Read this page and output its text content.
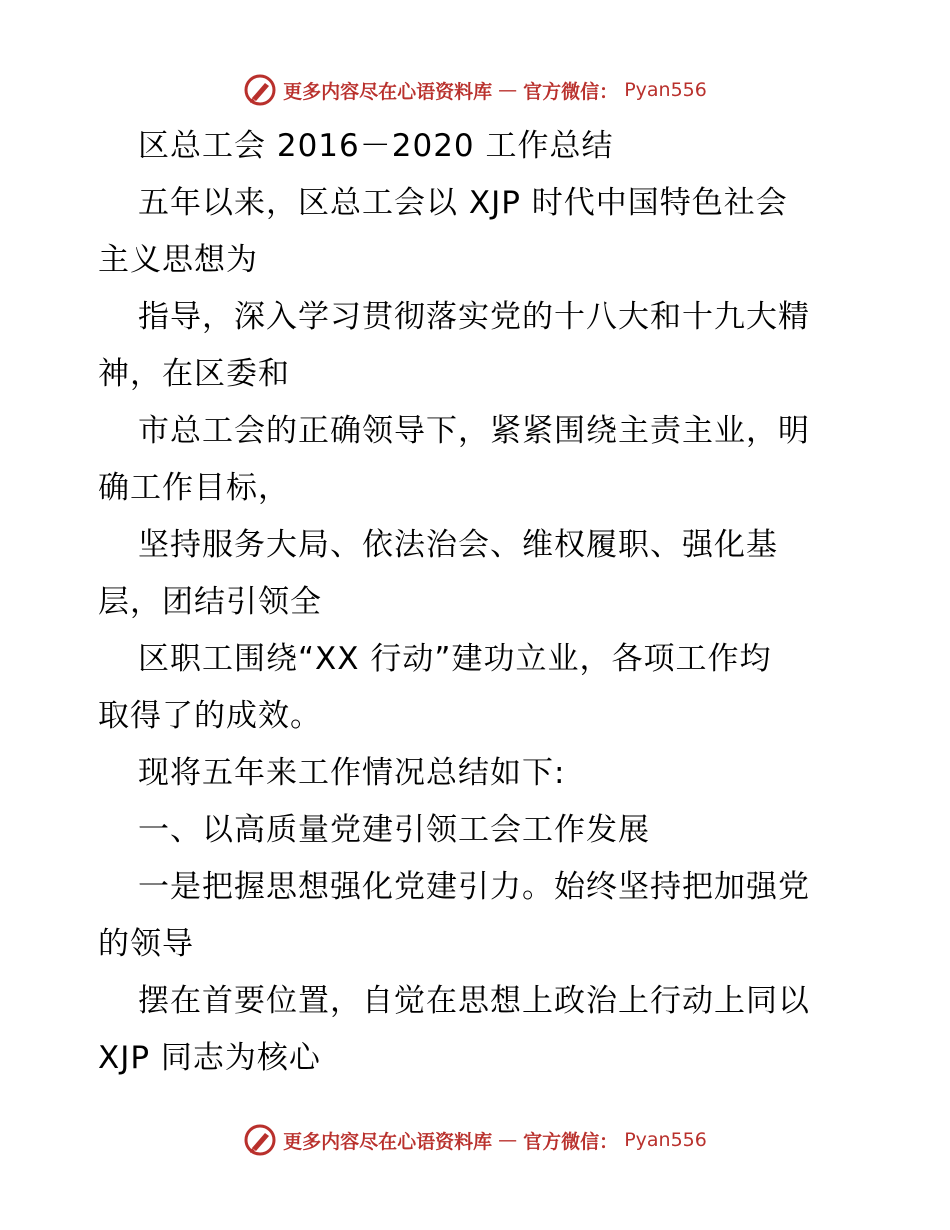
更多内容尽在心语资料库 — 官方微信： Pyan556
区总工会 2016－2020 工作总结
五年以来，区总工会以 XJP 时代中国特色社会
主义思想为
指导，深入学习贯彻落实党的十八大和十九大精
神，在区委和
市总工会的正确领导下，紧紧围绕主责主业，明
确工作目标，
坚持服务大局、依法治会、维权履职、强化基
层，团结引领全
区职工围绕“XX 行动”建功立业，各项工作均
取得了的成效。
现将五年来工作情况总结如下:
一、以高质量党建引领工会工作发展
一是把握思想强化党建引力。始终坚持把加强党
的领导
摆在首要位置，自觉在思想上政治上行动上同以
XJP 同志为核心
更多内容尽在心语资料库 — 官方微信： Pyan556
